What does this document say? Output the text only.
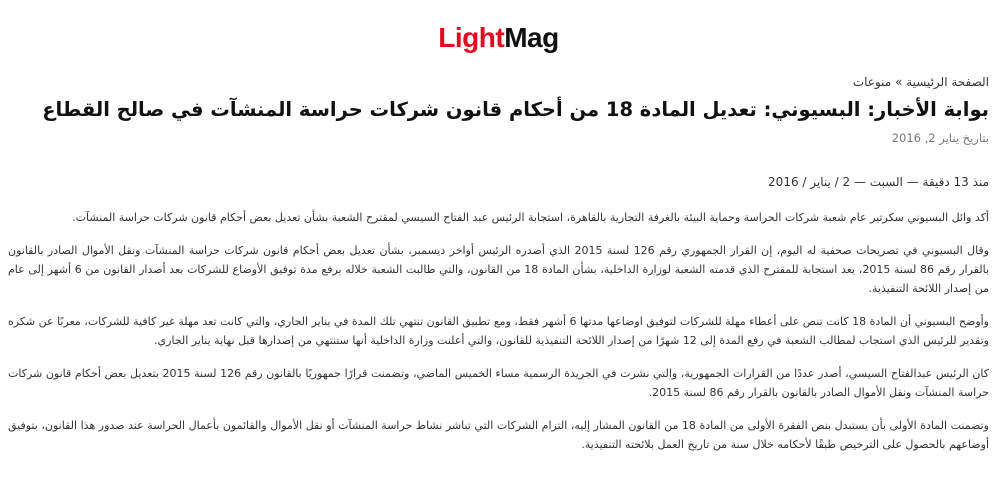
LightMag
الصفحة الرئيسية » منوعات
بوابة الأخبار: البسيوني: تعديل المادة 18 من أحكام قانون شركات حراسة المنشآت في صالح القطاع
بتاريخ يناير 2, 2016
منذ 13 دقيقة — السبت — 2 / يناير / 2016

أكد وائل البسيوني سكرتير عام شعبة شركات الحراسة وحماية البيئة بالغرفة التجارية بالقاهرة، استجابة الرئيس عبد الفتاح السيسي لمقترح الشعبة بشأن تعديل بعض أحكام قانون شركات حراسة المنشآت.

وقال البسيوني في تصريحات صحفية له اليوم، إن القرار الجمهوري رقم 126 لسنة 2015 الذي أصدره الرئيس أواخر ديسمبر، بشأن تعديل بعض أحكام قانون شركات حراسة المنشآت ونقل الأموال الصادر بالقانون بالقرار رقم 86 لسنة 2015، يعد استجابة للمقترح الذي قدمته الشعبة لوزارة الداخلية، بشأن المادة 18 من القانون، والتي طالبت الشعبة خلاله برفع مدة توفيق الأوضاع للشركات بعد أصدار القانون من 6 أشهر إلى عام من إصدار اللائحة التنفيذية.

وأوضح البسيوني أن المادة 18 كانت تنص على أعطاء مهلة للشركات لتوفيق اوضاعها مدتها 6 أشهر فقط، ومع تطبيق القانون تنتهي تلك المدة في يناير الجاري، والتي كانت تعد مهلة غير كافية للشركات، معربًا عن شكره وتقدير للرئيس الذي استجاب لمطالب الشعبة في رفع المدة إلى 12 شهرًا من إصدار اللائحة التنفيذية للقانون، والتي أعلنت وزارة الداخلية أنها ستنتهي من إصدارها قبل نهاية يناير الجاري.

كان الرئيس عبدالفتاح السيسي، أصدر عددًا من القرارات الجمهورية، والتي نشرت في الجريدة الرسمية مساء الخميس الماضي، وتضمنت قرارًا جمهوريًا بالقانون رقم 126 لسنة 2015 بتعديل بعض أحكام قانون شركات حراسة المنشآت ونقل الأموال الصادر بالقانون بالقرار رقم 86 لسنة 2015.

وتضمنت المادة الأولى بأن يستبدل بنص الفقرة الأولى من المادة 18 من القانون المشار إليه، التزام الشركات التي تباشر نشاط حراسة المنشآت أو نقل الأموال والقائمون بأعمال الحراسة عند صدور هذا القانون، بتوفيق أوضاعهم بالحصول على الترخيص طبقًا لأحكامه خلال سنة من تاريخ العمل بلائحته التنفيذية.
